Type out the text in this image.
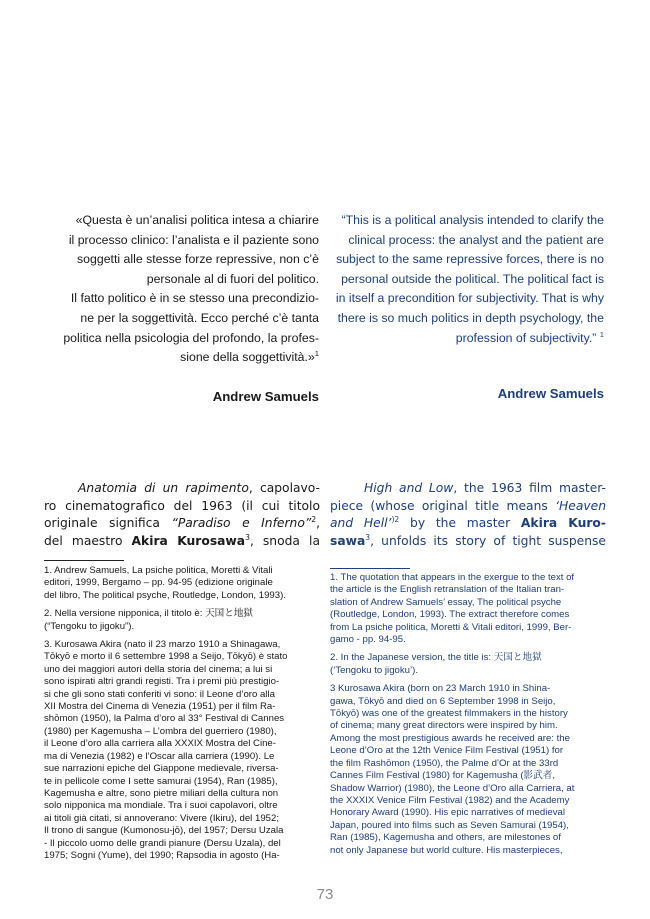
«Questa è un’analisi politica intesa a chiarire
il processo clinico: l’analista e il paziente sono
soggetti alle stesse forze repressive, non c’è
personale al di fuori del politico.
Il fatto politico è in se stesso una precondizio-
ne per la soggettività. Ecco perché c’è tanta
politica nella psicologia del profondo, la profes-
sione della soggettività.»$^1$
Andrew Samuels
“This is a political analysis intended to clarify the
clinical process: the analyst and the patient are
subject to the same repressive forces, there is no
personal outside the political. The political fact is
in itself a precondition for subjectivity. That is why
there is so much politics in depth psychology, the
profession of subjectivity.” $^1$
Andrew Samuels
Anatomia di un rapimento, capolavo-
ro cinematografico del 1963 (il cui titolo
originale significa “Paradiso e Inferno”$^2$,
del maestro Akira Kurosawa$^3$, snoda la
High and Low, the 1963 film master-
piece (whose original title means ‘Heaven
and Hell’$^{)2}$ by the master Akira Kuro-
sawa$^3$, unfolds its story of tight suspense
1. Andrew Samuels, La psiche politica, Moretti & Vitali
editori, 1999, Bergamo – pp. 94-95 (edizione originale
del libro, The political psyche, Routledge, London, 1993).
2. Nella versione nipponica, il titolo è: 天国と地獄
(“Tengoku to jigoku”).
3. Kurosawa Akira (nato il 23 marzo 1910 a Shinagawa,
Tōkyō e morto il 6 settembre 1998 a Seijo, Tōkyō) è stato
uno dei maggiori autori della storia del cinema; a lui si
sono ispirati altri grandi registi. Tra i premi più prestigio-
si che gli sono stati conferiti vi sono: il Leone d’oro alla
XII Mostra del Cinema di Venezia (1951) per il film Ra-
shōmon (1950), la Palma d’oro al 33° Festival di Cannes
(1980) per Kagemusha – L’ombra del guerriero (1980),
il Leone d’oro alla carriera alla XXXIX Mostra del Cine-
ma di Venezia (1982) e l’Oscar alla carriera (1990). Le
sue narrazioni epiche del Giappone medievale, riversa-
te in pellicole come I sette samurai (1954), Ran (1985),
Kagemusha e altre, sono pietre miliari della cultura non
solo nipponica ma mondiale. Tra i suoi capolavori, oltre
ai titoli già citati, si annoverano: Vivere (Ikiru), del 1952;
Il trono di sangue (Kumonosu-jō), del 1957; Dersu Uzala
- Il piccolo uomo delle grandi pianure (Dersu Uzala), del
1975; Sogni (Yume), del 1990; Rapsodia in agosto (Ha-
1. The quotation that appears in the exergue to the text of
the article is the English retranslation of the Italian tran-
slation of Andrew Samuels’ essay, The political psyche
(Routledge, London, 1993). The extract therefore comes
from La psiche politica, Moretti & Vitali editori, 1999, Ber-
gamo - pp. 94-95.
2. In the Japanese version, the title is: 天国と地獄
(‘Tengoku to jigoku’).
3 Kurosawa Akira (born on 23 March 1910 in Shina-
gawa, Tōkyō and died on 6 September 1998 in Seijo,
Tōkyō) was one of the greatest filmmakers in the history
of cinema; many great directors were inspired by him.
Among the most prestigious awards he received are: the
Leone d’Oro at the 12th Venice Film Festival (1951) for
the film Rashōmon (1950), the Palme d’Or at the 33rd
Cannes Film Festival (1980) for Kagemusha (影武者,
Shadow Warrior) (1980), the Leone d’Oro alla Carriera, at
the XXXIX Venice Film Festival (1982) and the Academy
Honorary Award (1990). His epic narratives of medieval
Japan, poured into films such as Seven Samurai (1954),
Ran (1985), Kagemusha and others, are milestones of
not only Japanese but world culture. His masterpieces,
73
